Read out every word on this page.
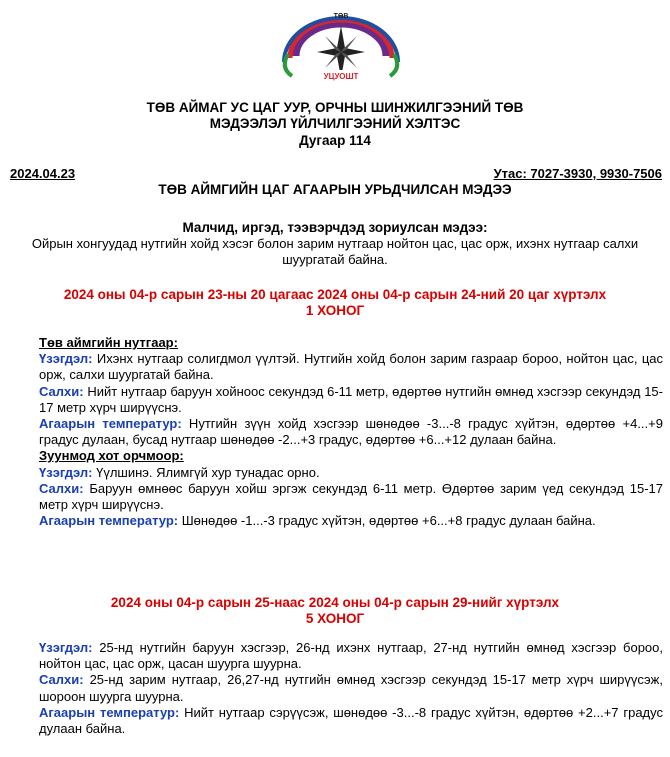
ТӨВ
УЦУОШТ
ТӨВ АЙМАГ УС ЦАГ УУР, ОРЧНЫ ШИНЖИЛГЭЭНИЙ ТӨВ
МЭДЭЭЛЭЛ ҮЙЛЧИЛГЭЭНИЙ ХЭЛТЭС
Дугаар 114
2024.04.23	Утас: 7027-3930, 9930-7506
ТӨВ АЙМГИЙН ЦАГ АГААРЫН УРЬДЧИЛСАН МЭДЭЭ
Малчид, иргэд, тээвэрчдэд зориулсан мэдээ:
Ойрын хонгуудад нутгийн хойд хэсэг болон зарим нутгаар нойтон цас, цас орж, ихэнх нутгаар салхи шуургатай байна.
2024 оны 04-р сарын 23-ны 20 цагаас 2024 оны 04-р сарын 24-ний 20 цаг хүртэлх
1 ХОНОГ

Төв аймгийн нутгаар:

Үзэгдэл: Ихэнх нутгаар солигдмол үүлтэй. Нутгийн хойд болон зарим газраар бороо, нойтон цас, цас орж, салхи шуургатай байна.

Салхи: Нийт нутгаар баруун хойноос секундэд 6-11 метр, өдөртөө нутгийн өмнөд хэсгээр секундэд 15-17 метр хүрч ширүүснэ.

Агаарын температур: Нутгийн зүүн хойд хэсгээр шөнөдөө -3...-8 градус хүйтэн, өдөртөө +4...+9 градус дулаан, бусад нутгаар шөнөдөө -2...+3 градус, өдөртөө +6...+12 дулаан байна.

Зуунмод хот орчмоор:

Үзэгдэл: Үүлшинэ. Ялимгүй хур тунадас орно.

Салхи: Баруун өмнөөс баруун хойш эргэж секундэд 6-11 метр. Өдөртөө зарим үед секундэд 15-17 метр хүрч ширүүснэ.

Агаарын температур: Шөнөдөө -1...-3 градус хүйтэн, өдөртөө +6...+8 градус дулаан байна.

2024 оны 04-р сарын 25-наас 2024 оны 04-р сарын 29-нийг хүртэлх
5 ХОНОГ

Үзэгдэл: 25-нд нутгийн баруун хэсгээр, 26-нд ихэнх нутгаар, 27-нд нутгийн өмнөд хэсгээр бороо, нойтон цас, цас орж, цасан шуурга шуурна.

Салхи: 25-нд зарим нутгаар, 26,27-нд нутгийн өмнөд хэсгээр секундэд 15-17 метр хүрч ширүүсэж, шороон шуурга шуурна.

Агаарын температур: Нийт нутгаар сэрүүсэж, шөнөдөө -3...-8 градус хүйтэн, өдөртөө +2...+7 градус дулаан байна.
